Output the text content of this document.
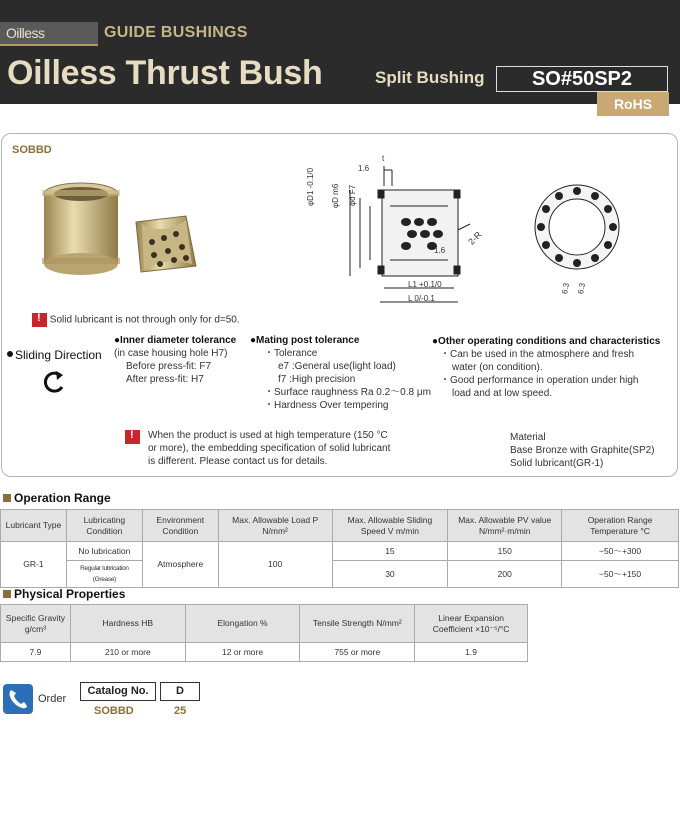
Oilless	GUIDE BUSHINGS
Oilless Thrust Bush	Split Bushing	SO#50SP2
RoHS
SOBBD
1.6
t
φD1 -0.1/0 φD m6 φd F7
1.6
2-R
L1 +0.1/0
L 0/-0.1
6.3 6.3
! Solid lubricant is not through only for d=50.
Sliding Direction
●Inner diameter tolerance
(in case housing hole H7)
Before press-fit: F7
After press-fit: H7
●Mating post tolerance
・Tolerance
e7 :General use(light load)
f7 :High precision
・Surface raughness Ra 0.2～0.8 μm
・Hardness Over tempering
●Other operating conditions and characteristics
・Can be used in the atmosphere and fresh
water (on condition).
・Good performance in operation under high
load and at low speed.
!
When the product is used at high temperature (150 °C
or more), the embedding specification of solid lubricant
is different. Please contact us for details.
Material
Base Bronze with Graphite(SP2)
Solid lubricant(GR-1)
Operation Range
Lubricant Type	Lubricating Condition	Environment Condition	Max. Allowable Load P N/mm²	Max. Allowable Sliding Speed V m/min	Max. Allowable PV value N/mm²·m/min	Operation Range Temperature °C
GR-1	No lubrication	Atmosphere	100	15	150	−50～+300
	Regular lubrication (Grease)			30	200	−50～+150
Physical Properties
Specific Gravity g/cm³	Hardness HB	Elongation %	Tensile Strength N/mm²	Linear Expansion Coefficient ×10⁻⁵/°C
7.9	210 or more	12 or more	755 or more	1.9
Order
Catalog No.	D
SOBBD	25
